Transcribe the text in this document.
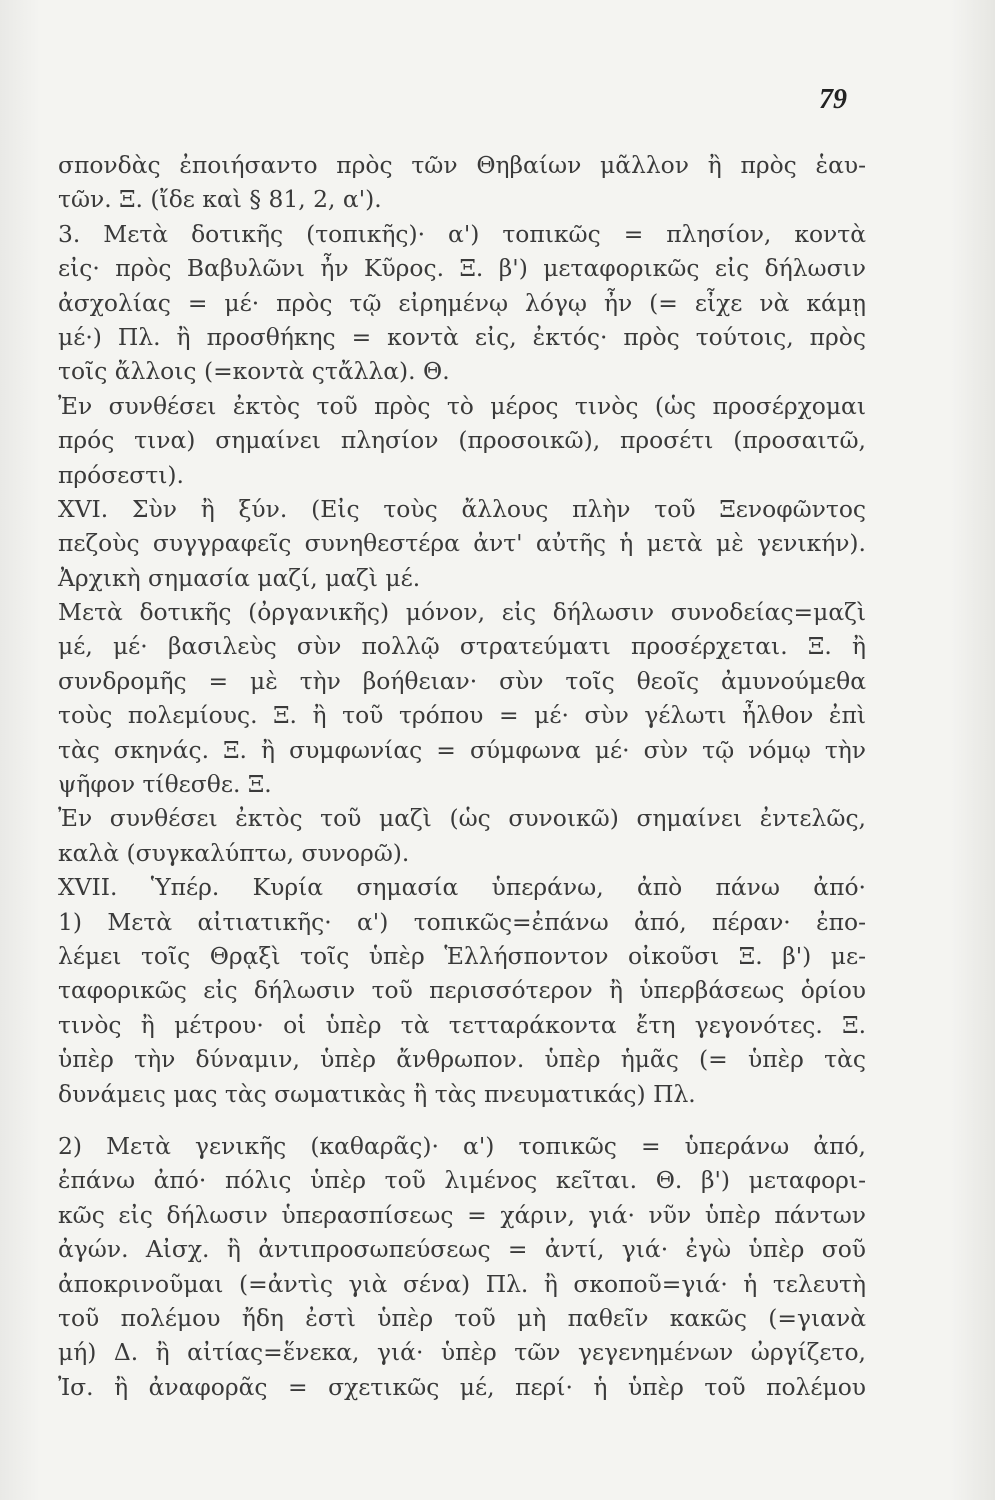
79
σπονδὰς ἐποιήσαντο πρὸς τῶν Θηβαίων μᾶλλον ἢ πρὸς ἑαυ-
τῶν. Ξ. (ἴδε καὶ § 81, 2, α').
3. Μετὰ δοτικῆς (τοπικῆς)· α') τοπικῶς = πλησίον, κοντὰ
εἰς· πρὸς Βαβυλῶνι ἦν Κῦρος. Ξ. β') μεταφορικῶς εἰς δήλωσιν
ἀσχολίας = μέ· πρὸς τῷ εἰρημένῳ λόγῳ ἦν (= εἶχε νὰ κάμῃ
μέ·) Πλ. ἢ προσθήκης = κοντὰ εἰς, ἐκτός· πρὸς τούτοις, πρὸς
τοῖς ἄλλοις (=κοντὰ ςτἄλλα). Θ.
Ἐν συνθέσει ἐκτὸς τοῦ πρὸς τὸ μέρος τινὸς (ὡς προσέρχομαι
πρός τινα) σημαίνει πλησίον (προσοικῶ), προσέτι (προσαιτῶ,
πρόσεστι).
XVI. Σὺν ἢ ξύν. (Εἰς τοὺς ἄλλους πλὴν τοῦ Ξενοφῶντος
πεζοὺς συγγραφεῖς συνηθεστέρα ἀντ' αὐτῆς ἡ μετὰ μὲ γενικήν).
Ἀρχικὴ σημασία μαζί, μαζὶ μέ.
Μετὰ δοτικῆς (ὀργανικῆς) μόνον, εἰς δήλωσιν συνοδείας=μαζὶ
μέ, μέ· βασιλεὺς σὺν πολλῷ στρατεύματι προσέρχεται. Ξ. ἢ
συνδρομῆς = μὲ τὴν βοήθειαν· σὺν τοῖς θεοῖς ἀμυνούμεθα
τοὺς πολεμίους. Ξ. ἢ τοῦ τρόπου = μέ· σὺν γέλωτι ἦλθον ἐπὶ
τὰς σκηνάς. Ξ. ἢ συμφωνίας = σύμφωνα μέ· σὺν τῷ νόμῳ τὴν
ψῆφον τίθεσθε. Ξ.
Ἐν συνθέσει ἐκτὸς τοῦ μαζὶ (ὡς συνοικῶ) σημαίνει ἐντελῶς,
καλὰ (συγκαλύπτω, συνορῶ).
XVII. Ὑπέρ. Κυρία σημασία ὑπεράνω, ἀπὸ πάνω ἀπό·
1) Μετὰ αἰτιατικῆς· α') τοπικῶς=ἐπάνω ἀπό, πέραν· ἐπο-
λέμει τοῖς Θρᾳξὶ τοῖς ὑπὲρ Ἑλλήσποντον οἰκοῦσι Ξ. β') με-
ταφορικῶς εἰς δήλωσιν τοῦ περισσότερον ἢ ὑπερβάσεως ὁρίου
τινὸς ἢ μέτρου· οἱ ὑπὲρ τὰ τετταράκοντα ἔτη γεγονότες. Ξ.
ὑπὲρ τὴν δύναμιν, ὑπὲρ ἄνθρωπον. ὑπὲρ ἡμᾶς (= ὑπὲρ τὰς
δυνάμεις μας τὰς σωματικὰς ἢ τὰς πνευματικάς) Πλ.
2) Μετὰ γενικῆς (καθαρᾶς)· α') τοπικῶς = ὑπεράνω ἀπό,
ἐπάνω ἀπό· πόλις ὑπὲρ τοῦ λιμένος κεῖται. Θ. β') μεταφορι-
κῶς εἰς δήλωσιν ὑπερασπίσεως = χάριν, γιά· νῦν ὑπὲρ πάντων
ἀγών. Αἰσχ. ἢ ἀντιπροσωπεύσεως = ἀντί, γιά· ἐγὼ ὑπὲρ σοῦ
ἀποκρινοῦμαι (=ἀντὶς γιὰ σένα) Πλ. ἢ σκοποῦ=γιά· ἡ τελευτὴ
τοῦ πολέμου ἤδη ἐστὶ ὑπὲρ τοῦ μὴ παθεῖν κακῶς (=γιανὰ
μή) Δ. ἢ αἰτίας=ἕνεκα, γιά· ὑπὲρ τῶν γεγενημένων ὠργίζετο,
Ἰσ. ἢ ἀναφορᾶς = σχετικῶς μέ, περί· ἡ ὑπὲρ τοῦ πολέμου
